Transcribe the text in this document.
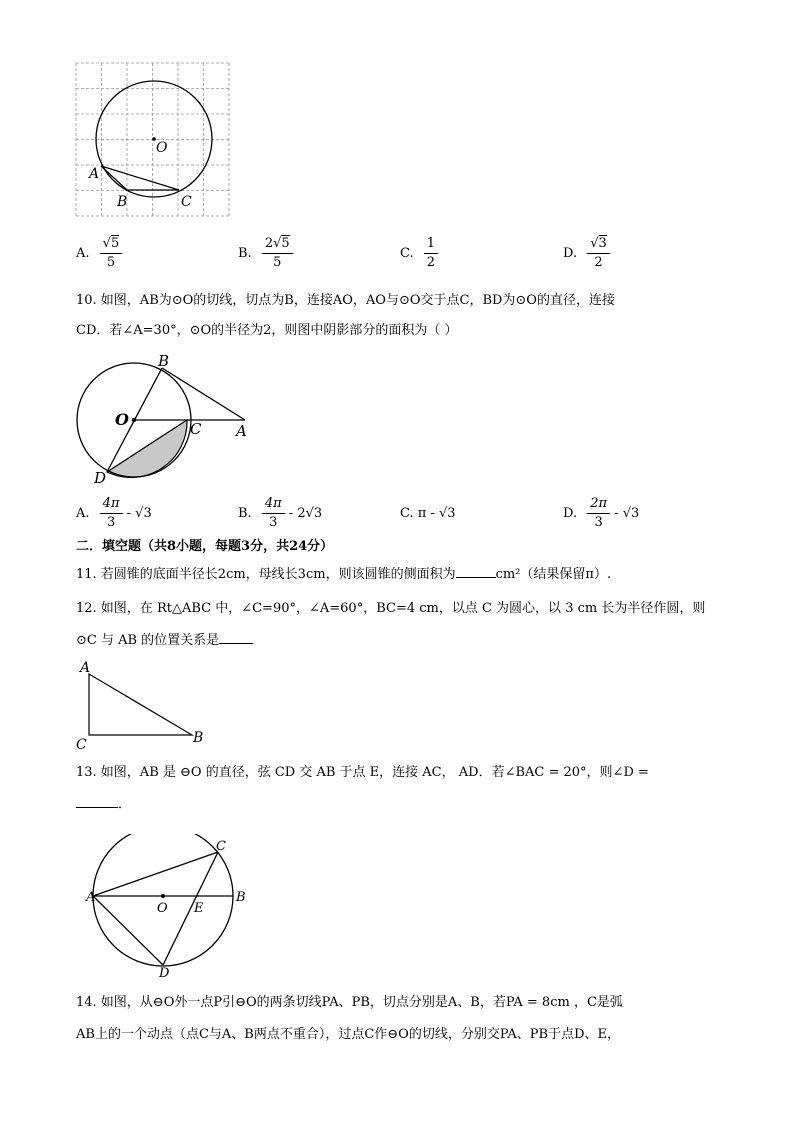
O
A
B	C
A. $\frac{√5}{5}$	B. $\frac{2√5}{5}$	C. $\frac{1}{2}$	D. $\frac{√3}{2}$
10. 如图，AB为⊙O的切线，切点为B，连接AO，AO与⊙O交于点C，BD为⊙O的直径，连接
CD．若∠A=30°，⊙O的半径为2，则图中阴影部分的面积为（ ）
B
O	C A
D
A. $\frac{4\pi}{3} - √3$	B. $\frac{4\pi}{3} - 2√3$	C. π - √3	D. $\frac{2\pi}{3} - √3$
二．填空题（共8小题，每题3分，共24分）
11. 若圆锥的底面半径长2cm，母线长3cm，则该圆锥的侧面积为	cm²（结果保留π）.
12. 如图，在 Rt△ABC 中，∠C=90°，∠A=60°，BC=4 cm，以点 C 为圆心，以 3 cm 长为半径作圆，则
⊙C 与 AB 的位置关系是
A
C	B
13. 如图，AB 是 ⊖O 的直径，弦 CD 交 AB 于点 E，连接 AC， AD．若∠BAC = 20°，则∠D =
．
A	B
C
D
E
O
14. 如图，从⊖O外一点P引⊖O的两条切线PA、PB，切点分别是A、B，若PA = 8cm ，C是弧
AB上的一个动点（点C与A、B两点不重合），过点C作⊖O的切线，分别交PA、PB于点D、E，
